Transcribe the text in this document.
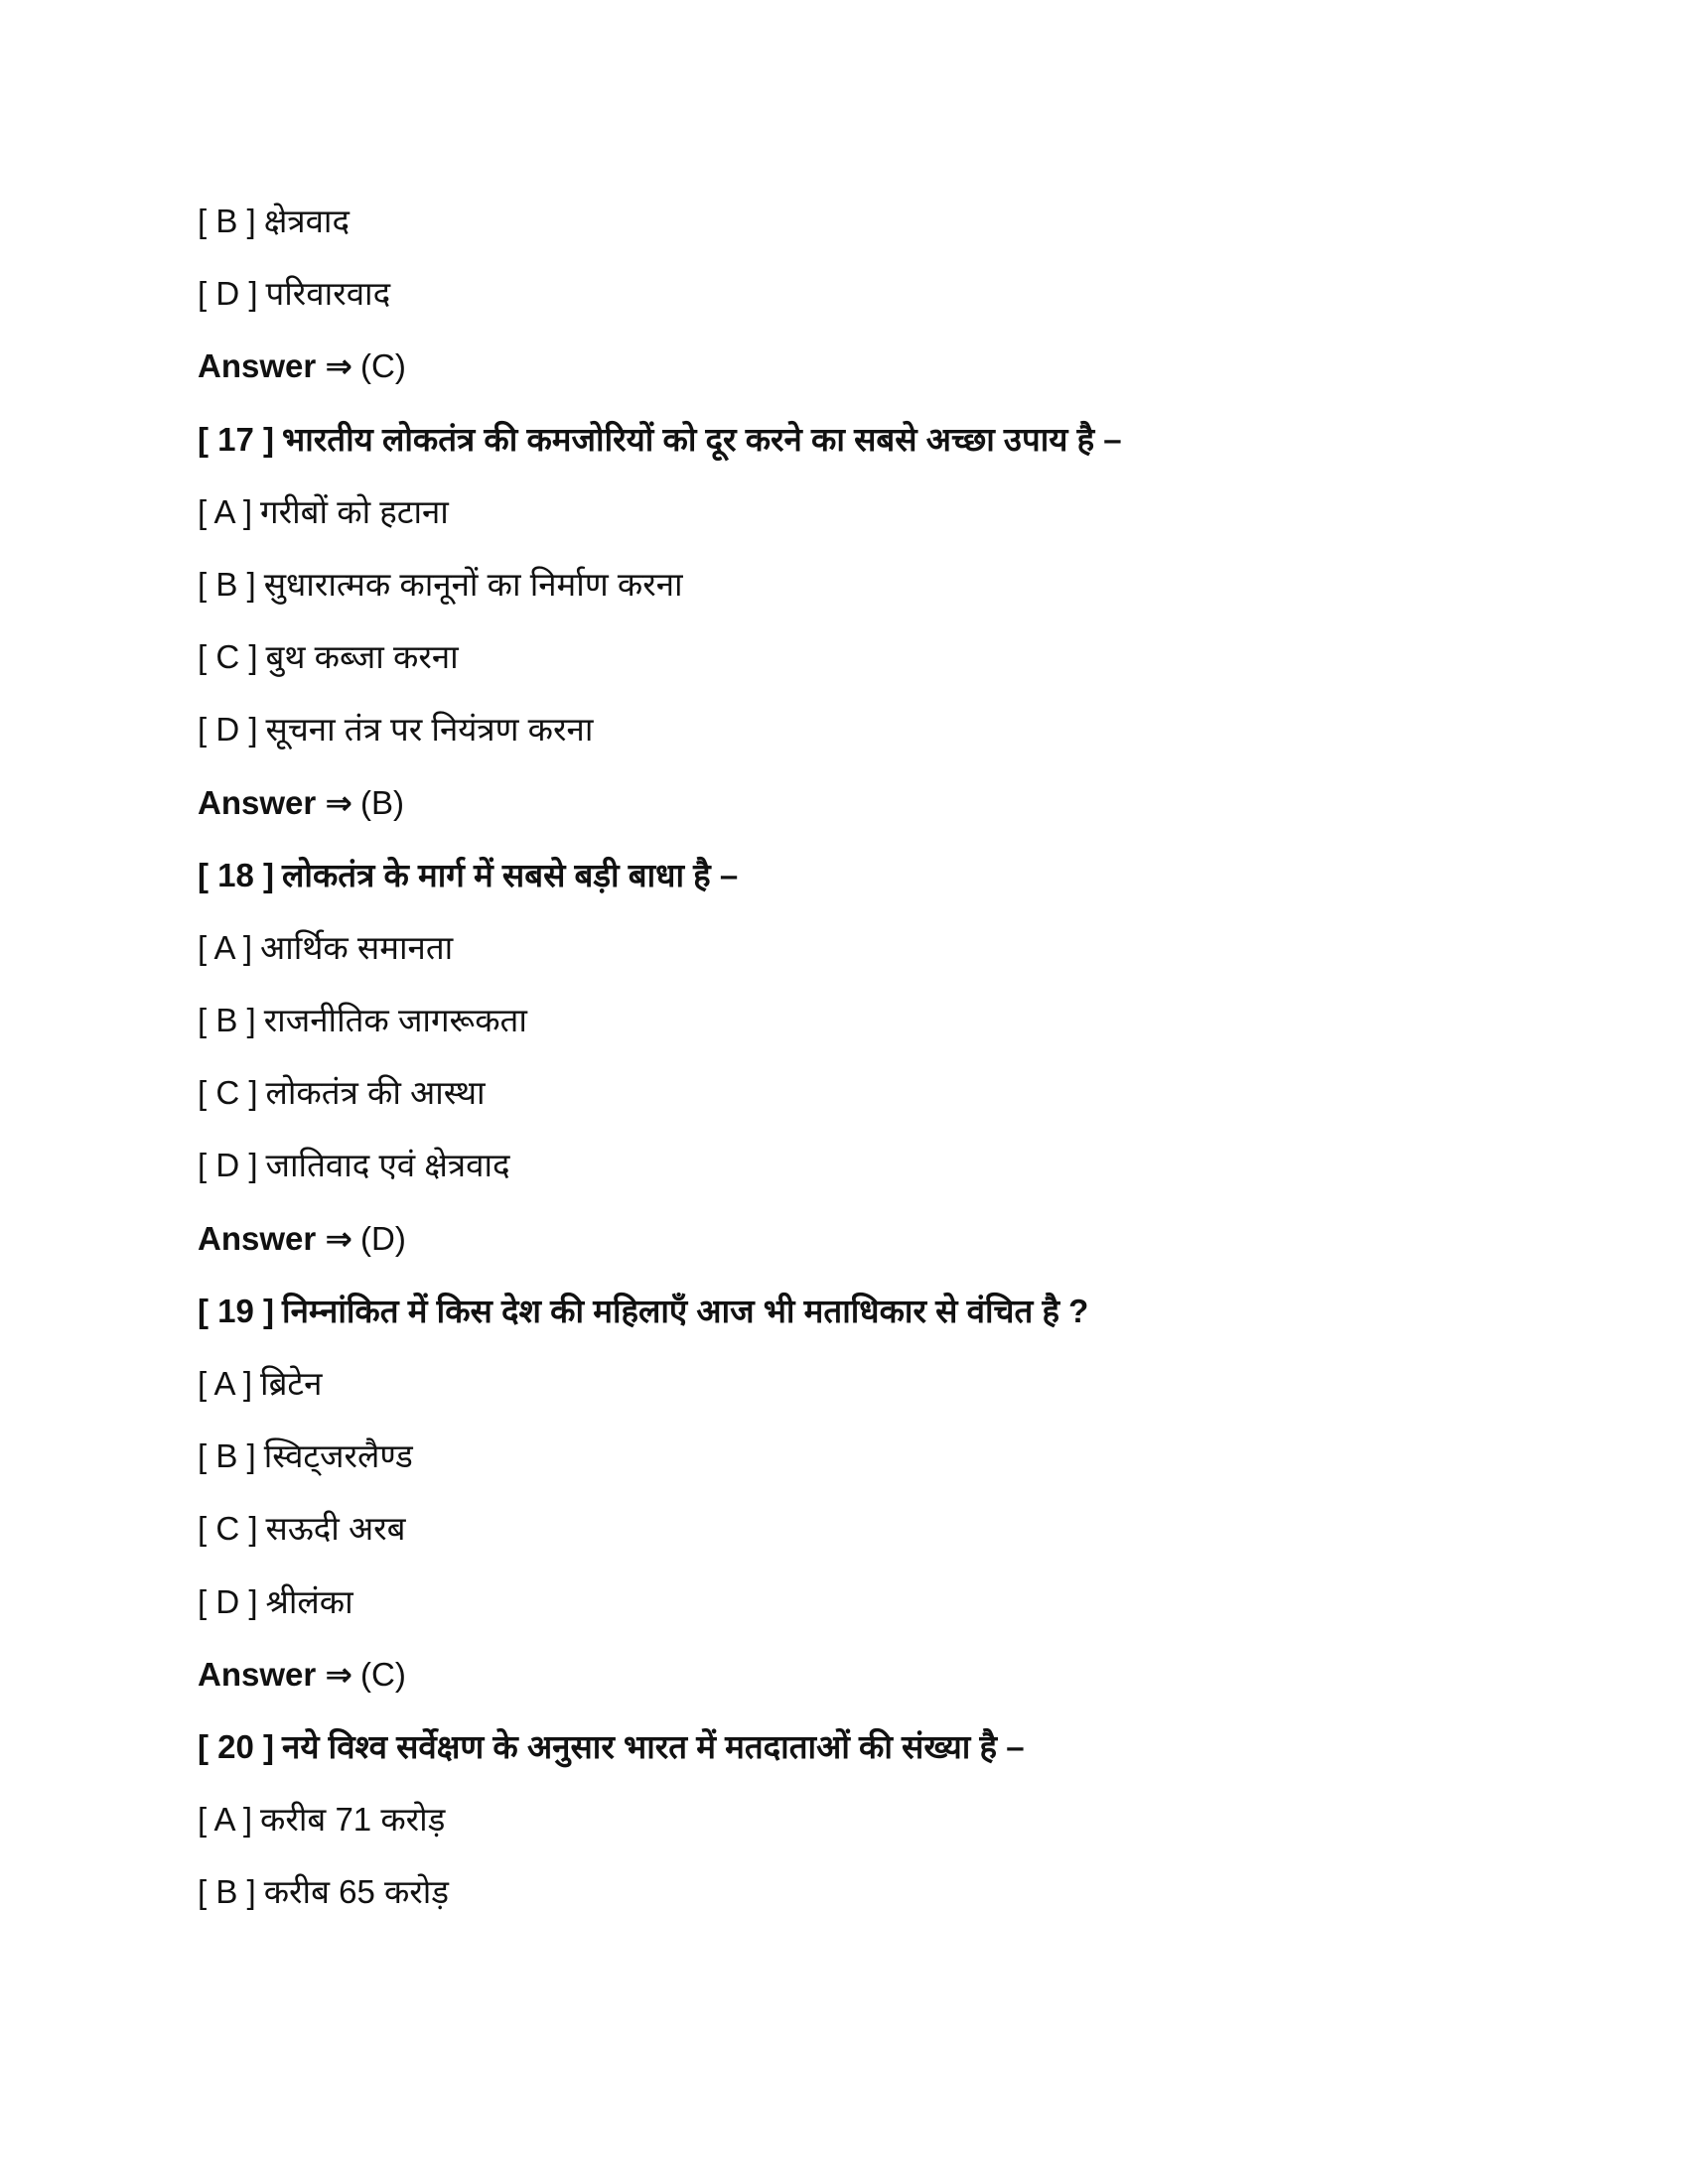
[ B ] क्षेत्रवाद
[ D ] परिवारवाद
Answer ⇒ (C)
[ 17 ] भारतीय लोकतंत्र की कमजोरियों को दूर करने का सबसे अच्छा उपाय है –
[ A ] गरीबों को हटाना
[ B ] सुधारात्मक कानूनों का निर्माण करना
[ C ] बुथ कब्जा करना
[ D ] सूचना तंत्र पर नियंत्रण करना
Answer ⇒ (B)
[ 18 ] लोकतंत्र के मार्ग में सबसे बड़ी बाधा है –
[ A ] आर्थिक समानता
[ B ] राजनीतिक जागरूकता
[ C ] लोकतंत्र की आस्था
[ D ] जातिवाद एवं क्षेत्रवाद
Answer ⇒ (D)
[ 19 ] निम्नांकित में किस देश की महिलाएँ आज भी मताधिकार से वंचित है ?
[ A ] ब्रिटेन
[ B ] स्विट्जरलैण्ड
[ C ] सऊदी अरब
[ D ] श्रीलंका
Answer ⇒ (C)
[ 20 ] नये विश्व सर्वेक्षण के अनुसार भारत में मतदाताओं की संख्या है –
[ A ] करीब 71 करोड़
[ B ] करीब 65 करोड़
